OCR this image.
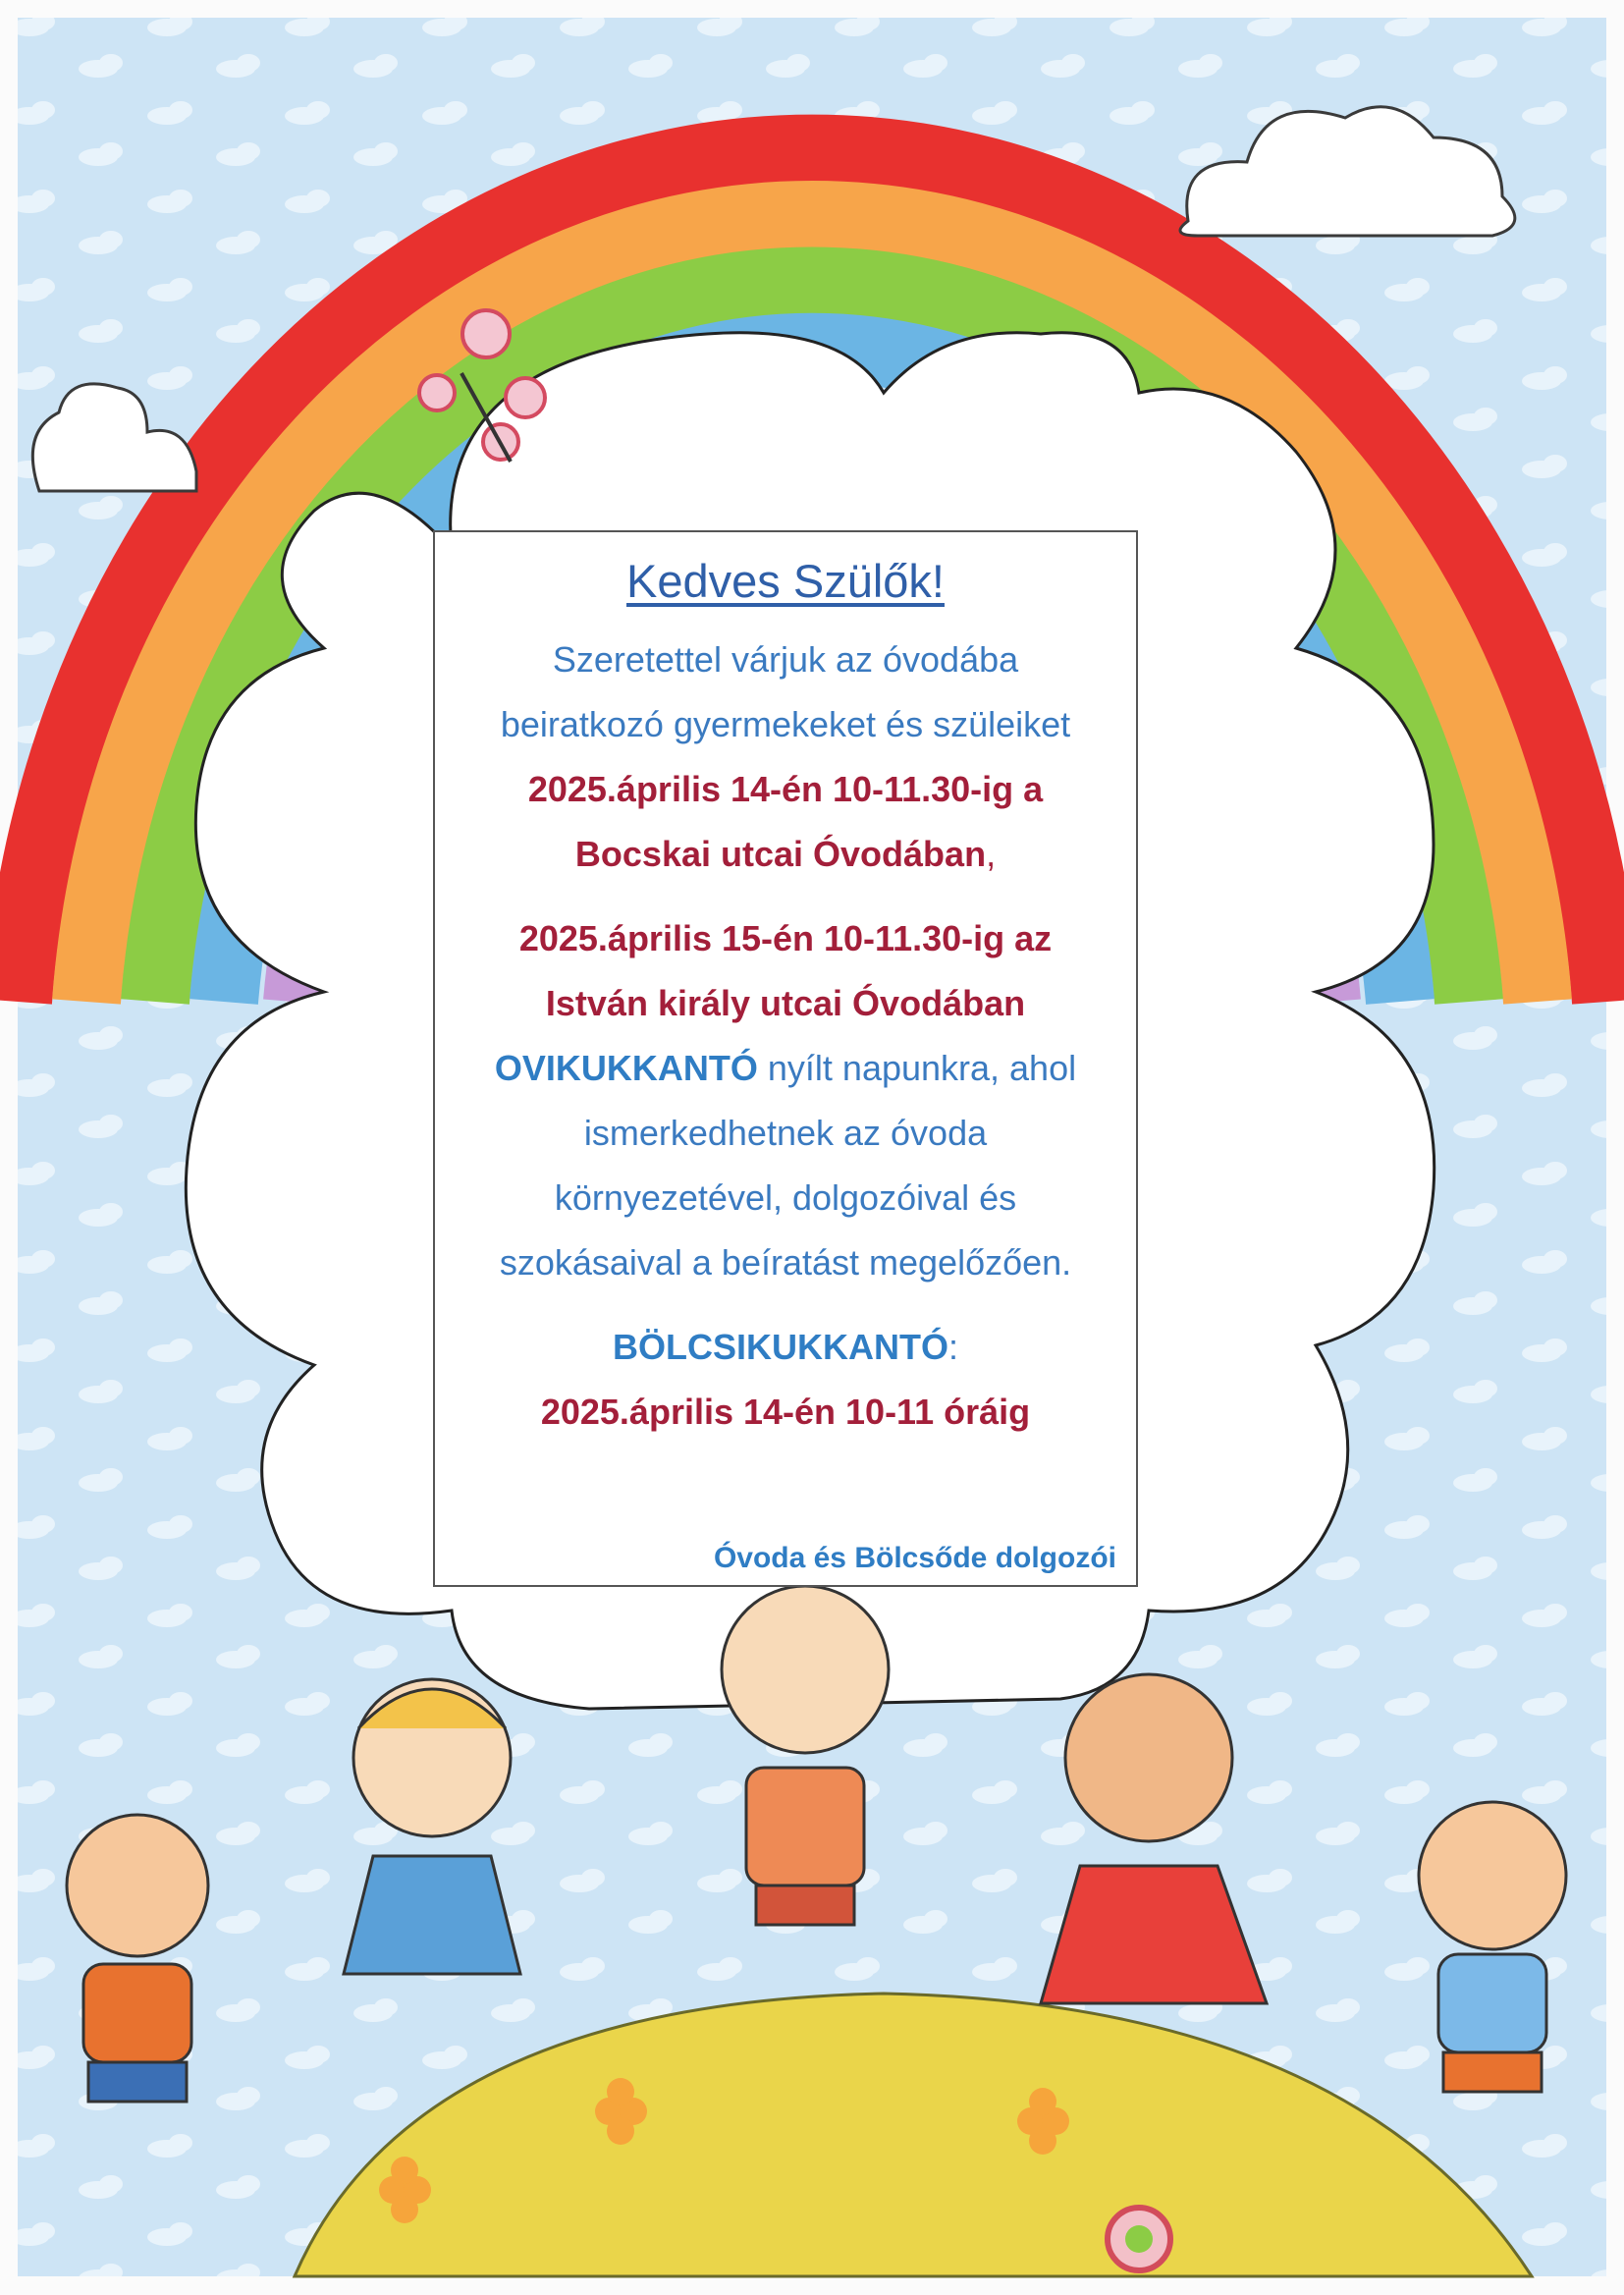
Kedves Szülők!
Szeretettel várjuk az óvodába
beiratkozó gyermekeket és szüleiket
2025.április 14-én 10-11.30-ig a
Bocskai utcai Óvodában,
2025.április 15-én 10-11.30-ig az
István király utcai Óvodában
OVIKUKKANTÓ nyílt napunkra, ahol
ismerkedhetnek az óvoda
környezetével, dolgozóival és
szokásaival a beíratást megelőzően.
BÖLCSIKUKKANTÓ:
2025.április 14-én 10-11 óráig
Óvoda és Bölcsőde dolgozói
